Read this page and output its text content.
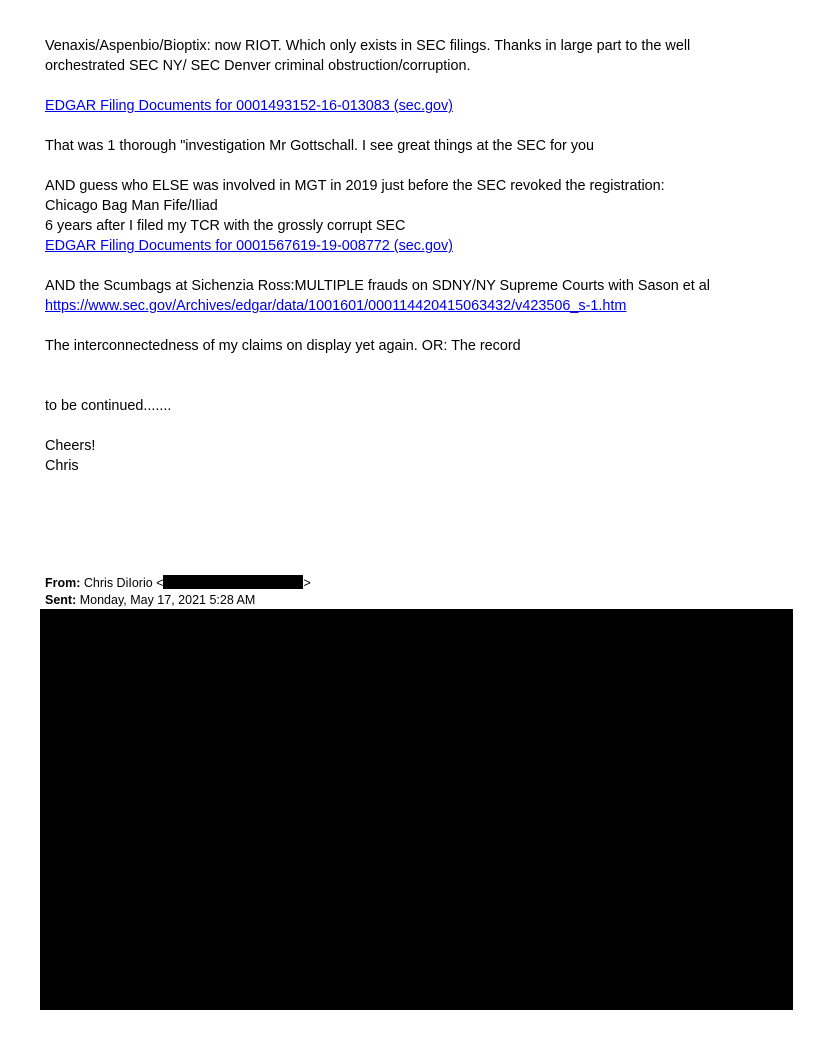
Venaxis/Aspenbio/Bioptix: now RIOT. Which only exists in SEC filings. Thanks in large part to the well orchestrated SEC NY/ SEC Denver criminal obstruction/corruption.

EDGAR Filing Documents for 0001493152-16-013083 (sec.gov)

That was 1 thorough "investigation Mr Gottschall. I see great things at the SEC for you

AND guess who ELSE was involved in MGT in 2019 just before the SEC revoked the registration:

Chicago Bag Man Fife/Iliad

6 years after I filed my TCR with the grossly corrupt SEC

EDGAR Filing Documents for 0001567619-19-008772 (sec.gov)

AND the Scumbags at Sichenzia Ross:MULTIPLE frauds on SDNY/NY Supreme Courts with Sason et al

https://www.sec.gov/Archives/edgar/data/1001601/000114420415063432/v423506_s-1.htm

The interconnectedness of my claims on display yet again. OR: The record

to be continued.......

Cheers!

Chris

From: Chris DiIorio <	>
Sent: Monday, May 17, 2021 5:28 AM
